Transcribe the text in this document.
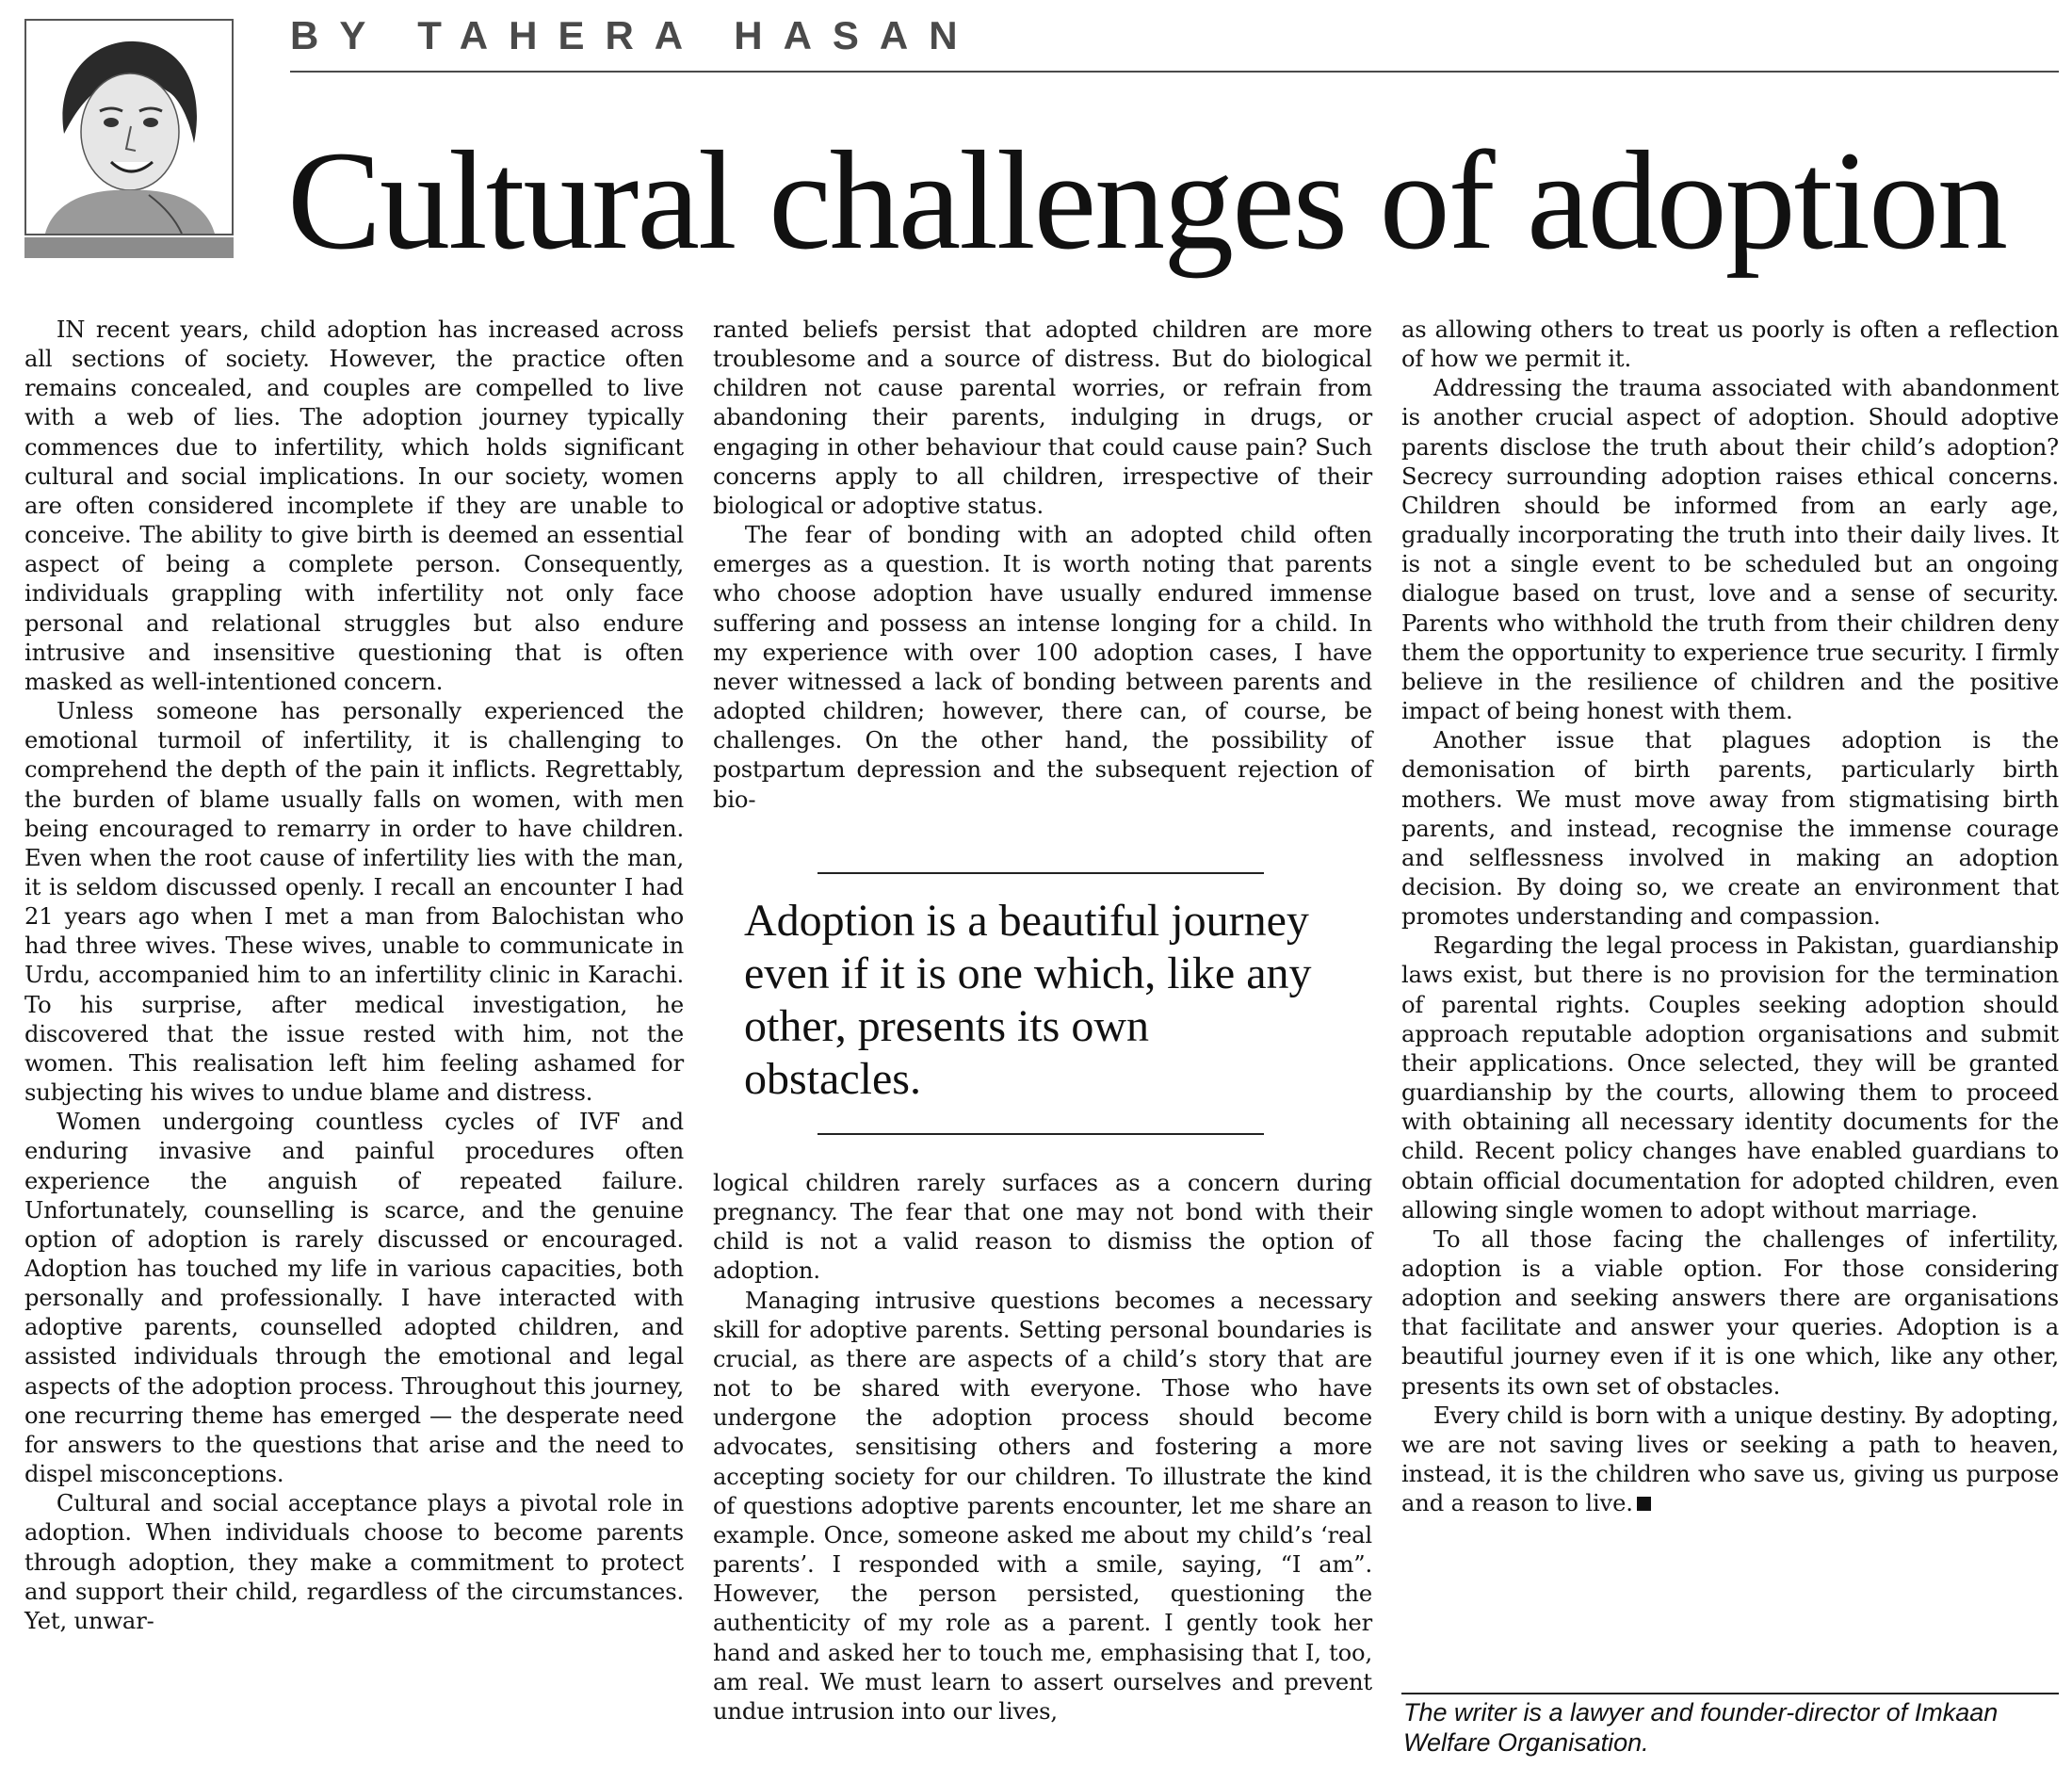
BY TAHERA HASAN
Cultural challenges of adoption

IN recent years, child adoption has increased across all sections of society. However, the practice often remains concealed, and couples are compelled to live with a web of lies. The adoption journey typically commences due to infertility, which holds significant cultural and social implications. In our society, women are often considered incomplete if they are unable to conceive. The ability to give birth is deemed an essential aspect of being a complete person. Consequently, individuals grappling with infertility not only face personal and relational struggles but also endure intrusive and insensitive questioning that is often masked as well-intentioned concern.

Unless someone has personally experienced the emotional turmoil of infertility, it is challenging to comprehend the depth of the pain it inflicts. Regrettably, the burden of blame usually falls on women, with men being encouraged to remarry in order to have children. Even when the root cause of infertility lies with the man, it is seldom discussed openly. I recall an encounter I had 21 years ago when I met a man from Balochistan who had three wives. These wives, unable to communicate in Urdu, accompanied him to an infertility clinic in Karachi. To his surprise, after medical investigation, he discovered that the issue rested with him, not the women. This realisation left him feeling ashamed for subjecting his wives to undue blame and distress.

Women undergoing countless cycles of IVF and enduring invasive and painful procedures often experience the anguish of repeated failure. Unfortunately, counselling is scarce, and the genuine option of adoption is rarely discussed or encouraged. Adoption has touched my life in various capacities, both personally and professionally. I have interacted with adoptive parents, counselled adopted children, and assisted individuals through the emotional and legal aspects of the adoption process. Throughout this journey, one recurring theme has emerged — the desperate need for answers to the questions that arise and the need to dispel misconceptions.

Cultural and social acceptance plays a pivotal role in adoption. When individuals choose to become parents through adoption, they make a commitment to protect and support their child, regardless of the circumstances. Yet, unwar-

ranted beliefs persist that adopted children are more troublesome and a source of distress. But do biological children not cause parental worries, or refrain from abandoning their parents, indulging in drugs, or engaging in other behaviour that could cause pain? Such concerns apply to all children, irrespective of their biological or adoptive status.

The fear of bonding with an adopted child often emerges as a question. It is worth noting that parents who choose adoption have usually endured immense suffering and possess an intense longing for a child. In my experience with over 100 adoption cases, I have never witnessed a lack of bonding between parents and adopted children; however, there can, of course, be challenges. On the other hand, the possibility of postpartum depression and the subsequent rejection of bio-

Adoption is a beautiful journey even if it is one which, like any other, presents its own obstacles.

logical children rarely surfaces as a concern during pregnancy. The fear that one may not bond with their child is not a valid reason to dismiss the option of adoption.

Managing intrusive questions becomes a necessary skill for adoptive parents. Setting personal boundaries is crucial, as there are aspects of a child’s story that are not to be shared with everyone. Those who have undergone the adoption process should become advocates, sensitising others and fostering a more accepting society for our children. To illustrate the kind of questions adoptive parents encounter, let me share an example. Once, someone asked me about my child’s ‘real parents’. I responded with a smile, saying, “I am”. However, the person persisted, questioning the authenticity of my role as a parent. I gently took her hand and asked her to touch me, emphasising that I, too, am real. We must learn to assert ourselves and prevent undue intrusion into our lives,

as allowing others to treat us poorly is often a reflection of how we permit it.

Addressing the trauma associated with abandonment is another crucial aspect of adoption. Should adoptive parents disclose the truth about their child’s adoption? Secrecy surrounding adoption raises ethical concerns. Children should be informed from an early age, gradually incorporating the truth into their daily lives. It is not a single event to be scheduled but an ongoing dialogue based on trust, love and a sense of security. Parents who withhold the truth from their children deny them the opportunity to experience true security. I firmly believe in the resilience of children and the positive impact of being honest with them.

Another issue that plagues adoption is the demonisation of birth parents, particularly birth mothers. We must move away from stigmatising birth parents, and instead, recognise the immense courage and selflessness involved in making an adoption decision. By doing so, we create an environment that promotes understanding and compassion.

Regarding the legal process in Pakistan, guardianship laws exist, but there is no provision for the termination of parental rights. Couples seeking adoption should approach reputable adoption organisations and submit their applications. Once selected, they will be granted guardianship by the courts, allowing them to proceed with obtaining all necessary identity documents for the child. Recent policy changes have enabled guardians to obtain official documentation for adopted children, even allowing single women to adopt without marriage.

To all those facing the challenges of infertility, adoption is a viable option. For those considering adoption and seeking answers there are organisations that facilitate and answer your queries. Adoption is a beautiful journey even if it is one which, like any other, presents its own set of obstacles.

Every child is born with a unique destiny. By adopting, we are not saving lives or seeking a path to heaven, instead, it is the children who save us, giving us purpose and a reason to live.

The writer is a lawyer and founder-director of Imkaan Welfare Organisation.
